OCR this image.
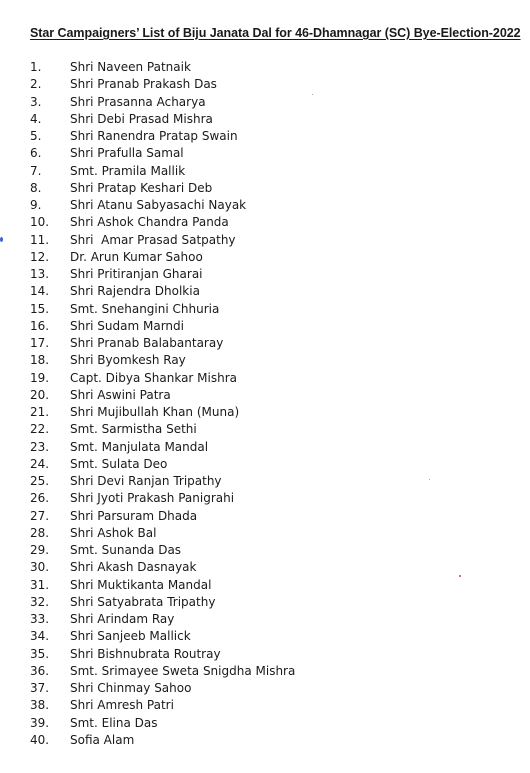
Star Campaigners’ List of Biju Janata Dal for 46-Dhamnagar (SC) Bye-Election-2022
1. Shri Naveen Patnaik
2. Shri Pranab Prakash Das
3. Shri Prasanna Acharya
4. Shri Debi Prasad Mishra
5. Shri Ranendra Pratap Swain
6. Shri Prafulla Samal
7. Smt. Pramila Mallik
8. Shri Pratap Keshari Deb
9. Shri Atanu Sabyasachi Nayak
10. Shri Ashok Chandra Panda
11. Shri  Amar Prasad Satpathy
12. Dr. Arun Kumar Sahoo
13. Shri Pritiranjan Gharai
14. Shri Rajendra Dholkia
15. Smt. Snehangini Chhuria
16. Shri Sudam Marndi
17. Shri Pranab Balabantaray
18. Shri Byomkesh Ray
19. Capt. Dibya Shankar Mishra
20. Shri Aswini Patra
21. Shri Mujibullah Khan (Muna)
22. Smt. Sarmistha Sethi
23. Smt. Manjulata Mandal
24. Smt. Sulata Deo
25. Shri Devi Ranjan Tripathy
26. Shri Jyoti Prakash Panigrahi
27. Shri Parsuram Dhada
28. Shri Ashok Bal
29. Smt. Sunanda Das
30. Shri Akash Dasnayak
31. Shri Muktikanta Mandal
32. Shri Satyabrata Tripathy
33. Shri Arindam Ray
34. Shri Sanjeeb Mallick
35. Shri Bishnubrata Routray
36. Smt. Srimayee Sweta Snigdha Mishra
37. Shri Chinmay Sahoo
38. Shri Amresh Patri
39. Smt. Elina Das
40. Sofia Alam
